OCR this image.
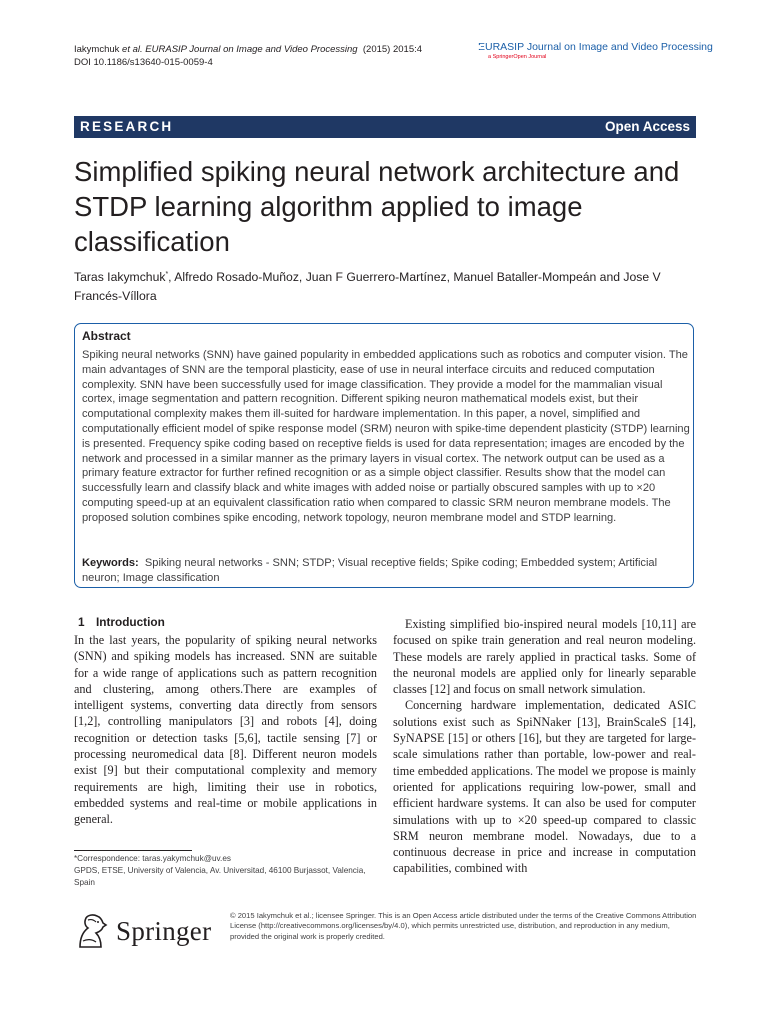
Iakymchuk et al. EURASIP Journal on Image and Video Processing (2015) 2015:4
DOI 10.1186/s13640-015-0059-4
EURASIP Journal on Image and Video Processing
a SpringerOpen Journal
RESEARCH	Open Access
Simplified spiking neural network architecture and STDP learning algorithm applied to image classification
Taras Iakymchuk*, Alfredo Rosado-Muñoz, Juan F Guerrero-Martínez, Manuel Bataller-Mompeán and Jose V Francés-Víllora
Abstract
Spiking neural networks (SNN) have gained popularity in embedded applications such as robotics and computer vision. The main advantages of SNN are the temporal plasticity, ease of use in neural interface circuits and reduced computation complexity. SNN have been successfully used for image classification. They provide a model for the mammalian visual cortex, image segmentation and pattern recognition. Different spiking neuron mathematical models exist, but their computational complexity makes them ill-suited for hardware implementation. In this paper, a novel, simplified and computationally efficient model of spike response model (SRM) neuron with spike-time dependent plasticity (STDP) learning is presented. Frequency spike coding based on receptive fields is used for data representation; images are encoded by the network and processed in a similar manner as the primary layers in visual cortex. The network output can be used as a primary feature extractor for further refined recognition or as a simple object classifier. Results show that the model can successfully learn and classify black and white images with added noise or partially obscured samples with up to ×20 computing speed-up at an equivalent classification ratio when compared to classic SRM neuron membrane models. The proposed solution combines spike encoding, network topology, neuron membrane model and STDP learning.
Keywords: Spiking neural networks - SNN; STDP; Visual receptive fields; Spike coding; Embedded system; Artificial neuron; Image classification
1 Introduction
In the last years, the popularity of spiking neural networks (SNN) and spiking models has increased. SNN are suitable for a wide range of applications such as pattern recognition and clustering, among others.There are examples of intelligent systems, converting data directly from sensors [1,2], controlling manipulators [3] and robots [4], doing recognition or detection tasks [5,6], tactile sensing [7] or processing neuromedical data [8]. Different neuron models exist [9] but their computational complexity and memory requirements are high, limiting their use in robotics, embedded systems and real-time or mobile applications in general.

Existing simplified bio-inspired neural models [10,11] are focused on spike train generation and real neuron modeling. These models are rarely applied in practical tasks. Some of the neuronal models are applied only for linearly separable classes [12] and focus on small network simulation.

Concerning hardware implementation, dedicated ASIC solutions exist such as SpiNNaker [13], BrainScaleS [14], SyNAPSE [15] or others [16], but they are targeted for large-scale simulations rather than portable, low-power and real-time embedded applications. The model we propose is mainly oriented for applications requiring low-power, small and efficient hardware systems. It can also be used for computer simulations with up to ×20 speed-up compared to classic SRM neuron membrane model. Nowadays, due to a continuous decrease in price and increase in computation capabilities, combined with

*Correspondence: taras.yakymchuk@uv.es
GPDS, ETSE, University of Valencia, Av. Universitad, 46100 Burjassot, Valencia, Spain
Springer © 2015 Iakymchuk et al.; licensee Springer. This is an Open Access article distributed under the terms of the Creative Commons Attribution License (http://creativecommons.org/licenses/by/4.0), which permits unrestricted use, distribution, and reproduction in any medium, provided the original work is properly credited.
